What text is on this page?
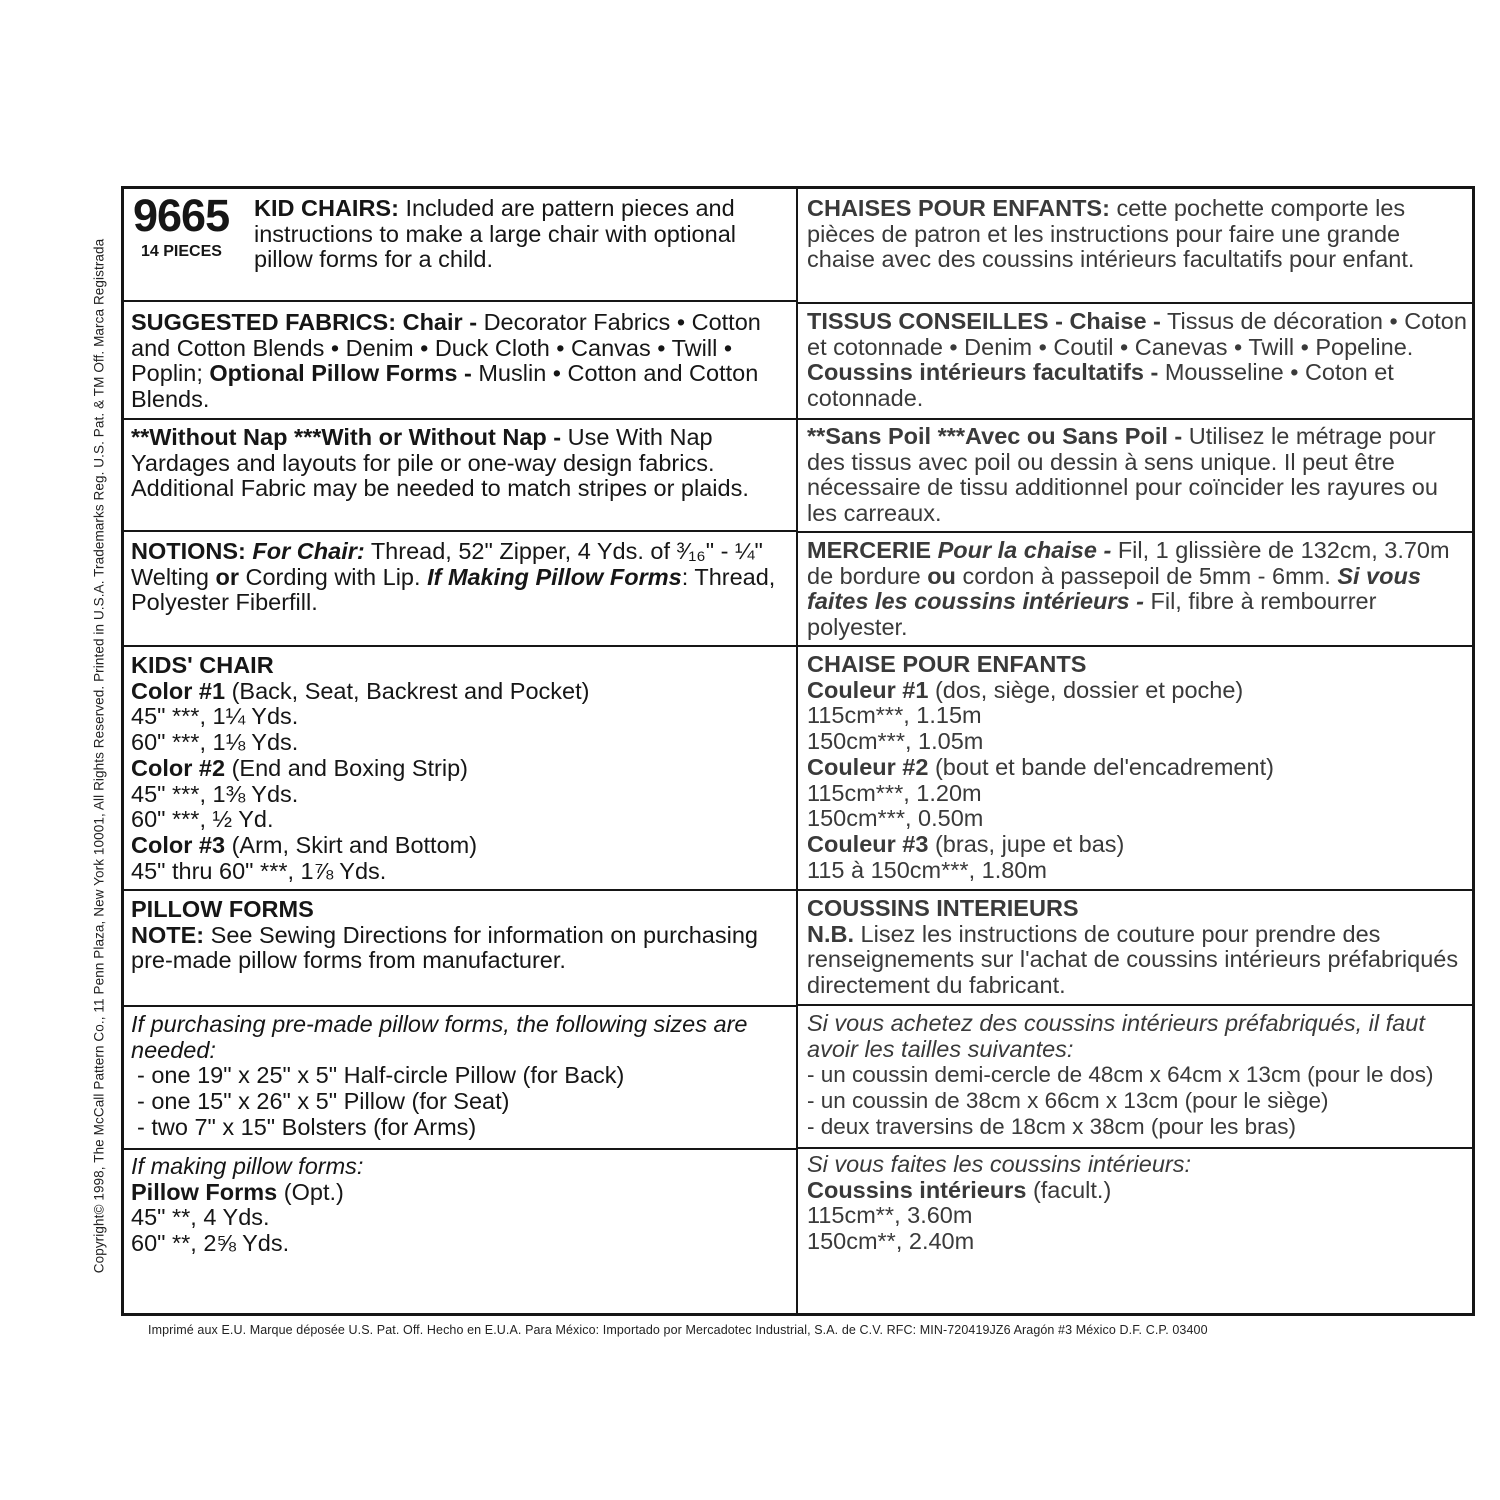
Copyright© 1998, The McCall Pattern Co., 11 Penn Plaza, New York 10001, All Rights Reserved. Printed in U.S.A. Trademarks Reg. U.S. Pat. & TM Off. Marca Registrada
9665
14 PIECES

KID CHAIRS: Included are pattern pieces and instructions to make a large chair with optional pillow forms for a child.

SUGGESTED FABRICS: Chair - Decorator Fabrics • Cotton and Cotton Blends • Denim • Duck Cloth • Canvas • Twill • Poplin; Optional Pillow Forms - Muslin • Cotton and Cotton Blends.

**Without Nap ***With or Without Nap - Use With Nap Yardages and layouts for pile or one-way design fabrics. Additional Fabric may be needed to match stripes or plaids.

NOTIONS: For Chair: Thread, 52" Zipper, 4 Yds. of ³⁄₁₆" - ¼" Welting or Cording with Lip. If Making Pillow Forms: Thread, Polyester Fiberfill.

KIDS' CHAIR

Color #1 (Back, Seat, Backrest and Pocket)

45" ***, 1¼ Yds.

60" ***, 1⅛ Yds.

Color #2 (End and Boxing Strip)

45" ***, 1⅜ Yds.

60" ***, ½ Yd.

Color #3 (Arm, Skirt and Bottom)

45" thru 60" ***, 1⅞ Yds.

PILLOW FORMS

NOTE: See Sewing Directions for information on purchasing pre-made pillow forms from manufacturer.

If purchasing pre-made pillow forms, the following sizes are needed:

- one 19" x 25" x 5" Half-circle Pillow (for Back)

- one 15" x 26" x 5" Pillow (for Seat)

- two 7" x 15" Bolsters (for Arms)

If making pillow forms:

Pillow Forms (Opt.)

45" **, 4 Yds.

60" **, 2⅝ Yds.

CHAISES POUR ENFANTS: cette pochette comporte les pièces de patron et les instructions pour faire une grande chaise avec des coussins intérieurs facultatifs pour enfant.

TISSUS CONSEILLES - Chaise - Tissus de décoration • Coton et cotonnade • Denim • Coutil • Canevas • Twill • Popeline. Coussins intérieurs facultatifs - Mousseline • Coton et cotonnade.

**Sans Poil ***Avec ou Sans Poil - Utilisez le métrage pour des tissus avec poil ou dessin à sens unique. Il peut être nécessaire de tissu additionnel pour coïncider les rayures ou les carreaux.

MERCERIE Pour la chaise - Fil, 1 glissière de 132cm, 3.70m de bordure ou cordon à passepoil de 5mm - 6mm. Si vous faites les coussins intérieurs - Fil, fibre à rembourrer polyester.

CHAISE POUR ENFANTS

Couleur #1 (dos, siège, dossier et poche)

115cm***, 1.15m

150cm***, 1.05m

Couleur #2 (bout et bande del'encadrement)

115cm***, 1.20m

150cm***, 0.50m

Couleur #3 (bras, jupe et bas)

115 à 150cm***, 1.80m

COUSSINS INTERIEURS

N.B. Lisez les instructions de couture pour prendre des renseignements sur l'achat de coussins intérieurs préfabriqués directement du fabricant.

Si vous achetez des coussins intérieurs préfabriqués, il faut avoir les tailles suivantes:

- un coussin demi-cercle de 48cm x 64cm x 13cm (pour le dos)

- un coussin de 38cm x 66cm x 13cm (pour le siège)

- deux traversins de 18cm x 38cm (pour les bras)

Si vous faites les coussins intérieurs:

Coussins intérieurs (facult.)

115cm**, 3.60m

150cm**, 2.40m

Imprimé aux E.U. Marque déposée U.S. Pat. Off. Hecho en E.U.A. Para México: Importado por Mercadotec Industrial, S.A. de C.V. RFC: MIN-720419JZ6 Aragón #3 México D.F. C.P. 03400
